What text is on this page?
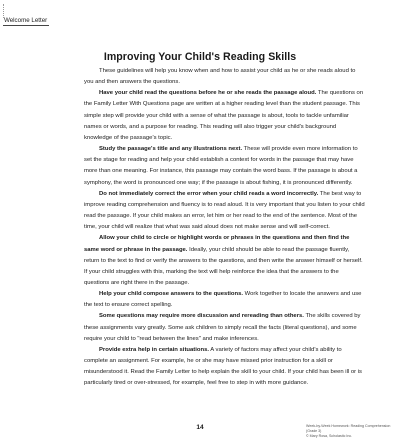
Welcome Letter
Improving Your Child's Reading Skills

These guidelines will help you know when and how to assist your child as he or she reads aloud to you and then answers the questions.

Have your child read the questions before he or she reads the passage aloud. The questions on the Family Letter With Questions page are written at a higher reading level than the student passage. This simple step will provide your child with a sense of what the passage is about, tools to tackle unfamiliar names or words, and a purpose for reading. This reading will also trigger your child's background knowledge of the passage's topic.

Study the passage's title and any illustrations next. These will provide even more information to set the stage for reading and help your child establish a context for words in the passage that may have more than one meaning. For instance, this passage may contain the word bass. If the passage is about a symphony, the word is pronounced one way; if the passage is about fishing, it is pronounced differently.

Do not immediately correct the error when your child reads a word incorrectly. The best way to improve reading comprehension and fluency is to read aloud. It is very important that you listen to your child read the passage. If your child makes an error, let him or her read to the end of the sentence. Most of the time, your child will realize that what was said aloud does not make sense and will self-correct.

Allow your child to circle or highlight words or phrases in the questions and then find the same word or phrase in the passage. Ideally, your child should be able to read the passage fluently, return to the text to find or verify the answers to the questions, and then write the answer himself or herself. If your child struggles with this, marking the text will help reinforce the idea that the answers to the questions are right there in the passage.

Help your child compose answers to the questions. Work together to locate the answers and use the text to ensure correct spelling.

Some questions may require more discussion and rereading than others. The skills covered by these assignments vary greatly. Some ask children to simply recall the facts (literal questions), and some require your child to "read between the lines" and make inferences.

Provide extra help in certain situations. A variety of factors may affect your child's ability to complete an assignment. For example, he or she may have missed prior instruction for a skill or misunderstood it. Read the Family Letter to help explain the skill to your child. If your child has been ill or is particularly tired or over-stressed, for example, feel free to step in with more guidance.

14	Week-by-Week Homework: Reading Comprehension (Grade 3)
© Mary Rosa, Scholastic Inc.
